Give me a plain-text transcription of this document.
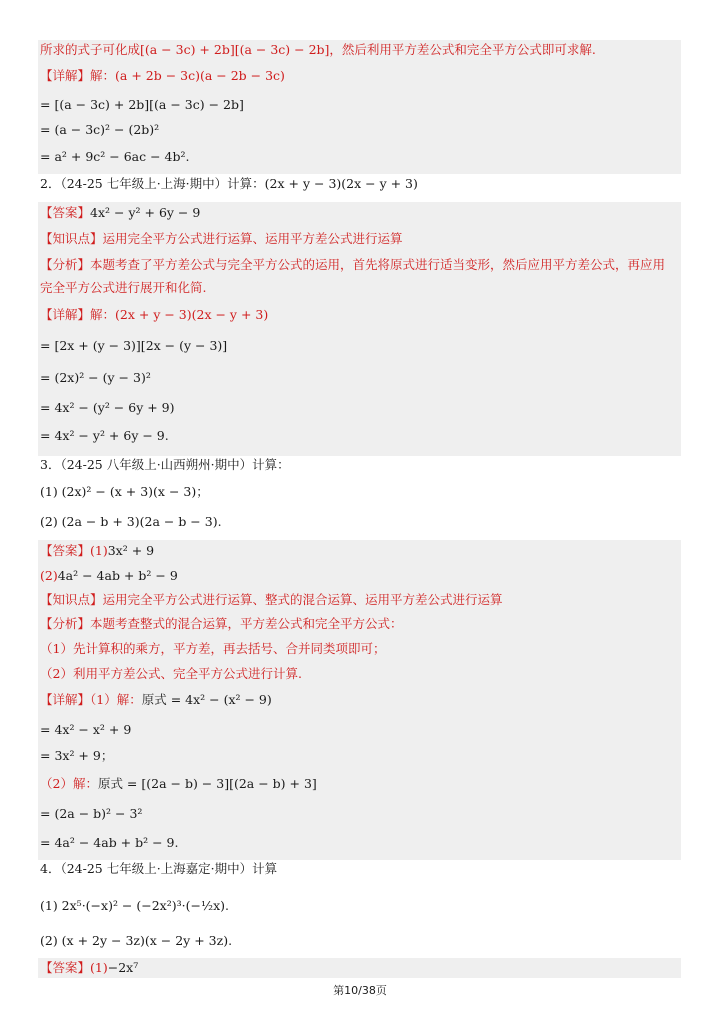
所求的式子可化成[(a − 3c) + 2b][(a − 3c) − 2b]，然后利用平方差公式和完全平方公式即可求解.
【详解】解：(a + 2b − 3c)(a − 2b − 3c)
= [(a − 3c) + 2b][(a − 3c) − 2b]
= (a − 3c)² − (2b)²
= a² + 9c² − 6ac − 4b².
2．（24-25 七年级上·上海·期中）计算：(2x + y − 3)(2x − y + 3)
【答案】4x² − y² + 6y − 9
【知识点】运用完全平方公式进行运算、运用平方差公式进行运算
【分析】本题考查了平方差公式与完全平方公式的运用，首先将原式进行适当变形，然后应用平方差公式，再应用
完全平方公式进行展开和化简.
【详解】解：(2x + y − 3)(2x − y + 3)
= [2x + (y − 3)][2x − (y − 3)]
= (2x)² − (y − 3)²
= 4x² − (y² − 6y + 9)
= 4x² − y² + 6y − 9.
3．（24-25 八年级上·山西朔州·期中）计算：
(1) (2x)² − (x + 3)(x − 3)；
(2) (2a − b + 3)(2a − b − 3).
【答案】(1)3x² + 9
(2)4a² − 4ab + b² − 9
【知识点】运用完全平方公式进行运算、整式的混合运算、运用平方差公式进行运算
【分析】本题考查整式的混合运算，平方差公式和完全平方公式：
（1）先计算积的乘方，平方差，再去括号、合并同类项即可；
（2）利用平方差公式、完全平方公式进行计算.
【详解】（1）解：原式 = 4x² − (x² − 9)
= 4x² − x² + 9
= 3x² + 9；
（2）解：原式 = [(2a − b) − 3][(2a − b) + 3]
= (2a − b)² − 3²
= 4a² − 4ab + b² − 9.
4．（24-25 七年级上·上海嘉定·期中）计算
(1) 2x⁵·(−x)² − (−2x²)³·(−½x).
(2) (x + 2y − 3z)(x − 2y + 3z).
【答案】(1)−2x⁷
第10/38页
